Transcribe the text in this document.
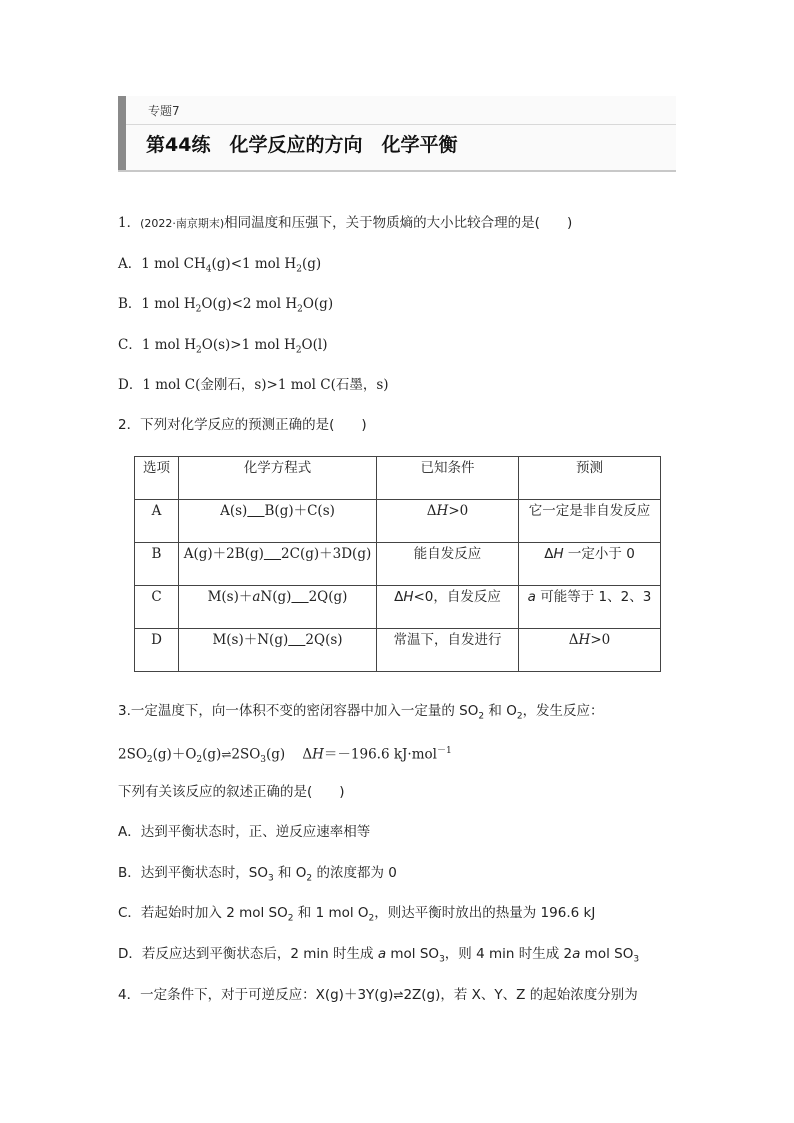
专题7
第44练　化学反应的方向　化学平衡
1．(2022·南京期末)相同温度和压强下，关于物质熵的大小比较合理的是(　　)
A．1 mol $CH_4(g)<1$ mol $H_2(g)$
B．1 mol $H_2O(g)<2$ mol $H_2O(g)$
C．1 mol $H_2O(s)>1$ mol $H_2O(l)$
D．1 mol C(金刚石，s)>1 mol C(石墨，s)
2．下列对化学反应的预测正确的是(　　)
选项	化学方程式	已知条件	预测
A	A(s) B(g)＋C(s)	ΔH>0	它一定是非自发反应
B	A(g)＋2B(g) 2C(g)＋3D(g)	能自发反应	ΔH 一定小于 0
C	M(s)＋aN(g) 2Q(g)	ΔH<0，自发反应	a 可能等于 1、2、3
D	M(s)＋N(g) 2Q(s)	常温下，自发进行	ΔH>0
3.一定温度下，向一体积不变的密闭容器中加入一定量的 $SO_2$ 和 $O_2$，发生反应：
$2SO_2(g)+O_2(g)\rightleftharpoons 2SO_3(g)$    ΔH＝－196.6 kJ·mol$^{-1}$
下列有关该反应的叙述正确的是(　　)
A．达到平衡状态时，正、逆反应速率相等
B．达到平衡状态时，$SO_3$ 和 $O_2$ 的浓度都为 0
C．若起始时加入 2 mol $SO_2$ 和 1 mol $O_2$，则达平衡时放出的热量为 196.6 kJ
D．若反应达到平衡状态后，2 min 时生成 a mol $SO_3$，则 4 min 时生成 2a mol $SO_3$
4．一定条件下，对于可逆反应：X(g)＋3Y(g)⇌2Z(g)，若 X、Y、Z 的起始浓度分别为
